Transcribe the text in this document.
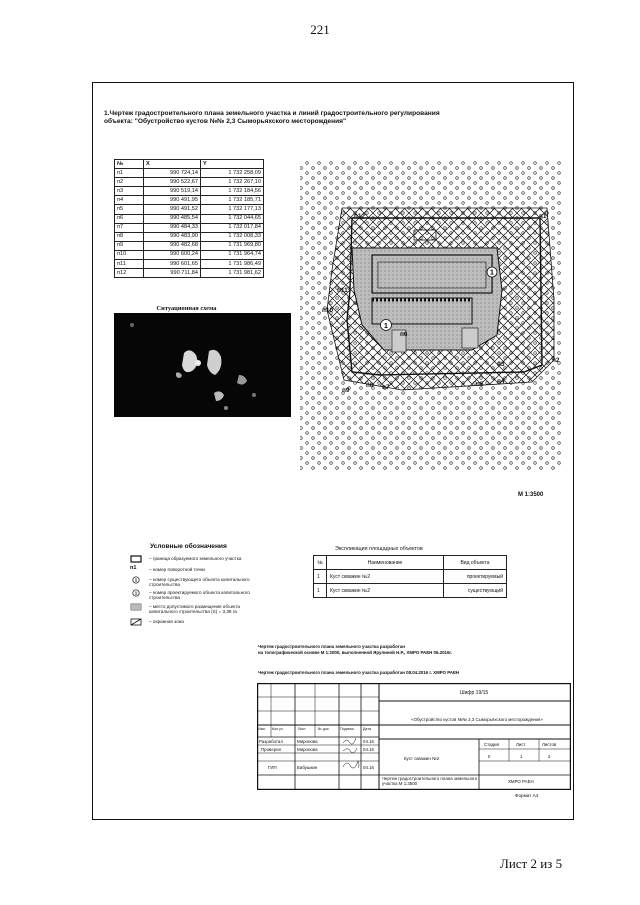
221
1.Чертеж градостроительного плана земельного участка и линий градостроительного регулирования
объекта: "Обустройство кустов №№ 2,3 Сыморьяхского месторождения"
№	X	Y
п1	990 724,14	1 732 258,09
п2	990 522,67	1 732 267,10
п3	990 519,14	1 732 184,56
п4	990 491,95	1 732 185,71
п5	990 491,52	1 732 177,13
п6	990 485,54	1 732 044,65
п7	990 484,33	1 732 017,84
п8	990 483,90	1 732 008,33
п9	990 482,68	1 731 969,80
п10	990 600,24	1 731 964,74
п11	990 601,65	1 731 986,49
п12	990 711,84	1 731 981,62
Ситуационная схема
1
1
п1
п2
п3
п4
п5
п6
п7
п8
п9
п10
п11
п12
М 1:3500
Условные обозначения
– граница образуемого земельного участка
п1	– номер поворотной точки
1	– номер существующего объекта капитального строительства
1	– номер проектируемого объекта капитального строительства
– место допустимого размещения объекта капитального строительства (S) = 3,39 га
– охранная зона
Экспликация площадных объектов
№	Наименование	Вид объекта
1	Куст скважин №2	проектируемый
1	Куст скважин №2	существующий
Чертеж градостроительного плана земельного участка разработан
на топографической основе М 1:2000, выполненной Ярулиной Н.Р., ХМРО РАЕН 06.2016г.
Чертеж градостроительного плана земельного участка разработан 08.04.2016 г. ХМРО РАЕН
Шифр 19/15
«Обустройство кустов №№ 2,3 Сыморьяхского месторождения»
Изм. Кол.уч.	Лист	№ док.	Подпись Дата
Разработал	Миронова	04.16
Проверил	Миронова	04.16
ГИП	Бабушкин	04.16
Куст скважин №2
Стадия	Лист	Листов
II	1	2
Чертеж градостроительного плана земельного участка М 1:3500	ХМРО РАЕН
Формат А4
Лист 2 из 5
